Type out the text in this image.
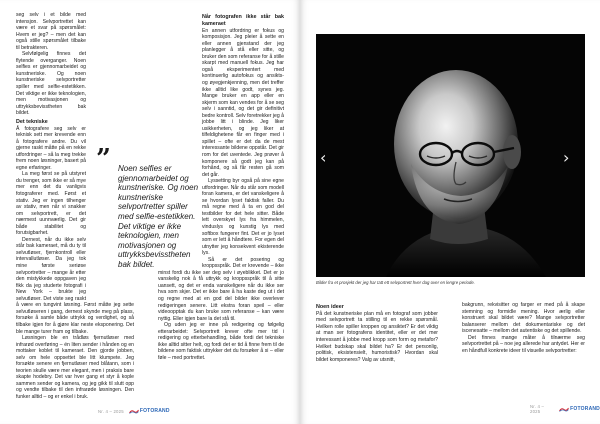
seg selv i et bilde med intensjon. Selvportrettet kan være et svar på spørsmålet: Hvem er jeg? – men det kan også stille spørsmålet tilbake til betrakteren.

Selvfølgelig finnes det flytende overganger. Noen selfies er gjennomarbeidet og kunstneriske. Og noen kunstneriske selvportretter spiller med selfie-estetikken. Det viktige er ikke teknologien, men motivasjonen og uttrykksbevisstheten bak bildet.

Det tekniske

Å fotografere seg selv er teknisk sett mer krevende enn å fotografere andre. Du vil gjerne raskt måtte på en rekke utfordringer – så la meg trekke frem noen løsninger, basert på egne erfaringer.

La meg først se på utstyret du trenger, som ikke er så mye mer enn det du vanligvis fotograferer med. Først et stativ. Jeg er ingen tilhenger av stativ, men når vi snakker om selvportrett, er det nærmest uunnværlig. Det gir både stabilitet og forutsigbarhet.

Dernest, når du ikke selv står bak kameraet, må du ty til selvutløser, fjernkontroll eller intervallutløser. Da jeg tok mine første seriøse selvportretter – mange år etter den mistykkede oppgaven jeg fikk da jeg studerte fotografi i New York – brukte jeg selvutløser. Det viste seg raskt å være en tungvint løsning. Først måtte jeg sette selvutløseren i gang, dernest skynde meg på plass, forsøke å samle både uttrykk og verdighet, og så tilbake igjen for å gjøre klar neste eksponering. Det ble mange turer fram og tilbake.

Løsningen ble en trådløs fjernutløser med infrarød overføring – én liten sender i hånden og en mottaker koblet til kameraet. Den gjorde jobben, selv om hele oppsettet ble litt klumpete. Jeg forsøkte senere en fjernutløser med blåtann, som i teorien skulle være mer elegant, men i praksis bare skapte hodebry. Det var hver gang et styr å kople sammen sender og kamera, og jeg gikk til slutt opp og vendte tilbake til den infrarøde løsningen. Den funker alltid – og er enkel i bruk.

Når fotografen ikke står bak kameraet

En annen utfordring er fokus og komposisjon. Jeg pleier å sette en eller annen gjenstand der jeg planlegger å stå eller sitte, og bruker den som referanse for å stille skarpt med manuell fokus. Jeg har også eksperimentert med kontinuerlig autofokus og ansikts- og øyegjenkjenning, men det treffer ikke alltid like godt, synes jeg. Mange bruker en app eller en skjerm som kan vendes for å se seg selv i sanntid, og det gir definitivt bedre kontroll. Selv foretrekker jeg å jobbe litt i blinde. Jeg liker usikkerheten, og jeg liker at tilfeldighetene får en finger med i spillet – ofte er det da de mest interessante bildene oppstår. Det gir rom for det uventede. Jeg prøver å komponere så godt jeg kan på forhånd, og så får resten gå som det går.

Lyssetting byr også på sine egne utfordringer. Når du står som modell foran kamera, er det vanskeligere å se hvordan lyset faktisk faller. Du må regne med å ta en god del testbilder for det hele sitter. Både lett overskyet lys fra himmelen, vinduslys og kunstig lys med softbox fungerer fint. Det er jo lyset som er lett å håndtere. For egen del utnytter jeg konsekvent ekisterende lys.

Så er det posering og kroppsspråk. Det er krevende – ikke minst fordi du ikke ser deg selv i øyeblikket. Det er jo vanskelig nok å få uttrykk og kroppsspråk til å sitte uansett, og det er enda vanskeligere når du ikke ser hva som skjer. Det er ikke bare å ha kaste deg ut i det og regne med at en god del bilder ikke overlever redigeringen senere. Litt ekstra foran speil – eller videoopptak du kan bruke som referanse – kan være nyttig. Eller igjen bare la det stå til.

Og uden jeg er inne på redigering og følgelig etterarbeidet: Selvportrett krever ofte mer tid i redigering og etterbehandling, både fordi det tekniske ikke alltid sitter helt, og fordi det er tid å finne frem til de bildene som faktisk uttrykker det du forsøker å si – eller føle – med portrettet.

” Noen selfies er gjennomarbeidet og kunstneriske. Og noen kunstneriske selvportretter spiller med selfie-estetikken. Det viktige er ikke teknologien, men motivasjonen og uttrykksbevisstheten bak bildet.
Nr. 4 – 2025	FOTORAND
‹	›
Bilder fra et prosjekt der jeg har tatt ett selvportrett hver dag over en lengre periode.
Noen ideer

På det kunstneriske plan må en fotograf som jobber med selvportrett ta stilling til en rekke spørsmål. Hvilken rolle spiller kroppen og ansiktet? Er det viktig at man ser fotografens identitet, eller er det mer interessant å jobbe med kropp som form og metafor? Hvilket budskap skal bildet ha? Er det personlig, politisk, eksistensielt, humoristisk? Hvordan skal bildet komponeres? Valg av utsnitt,

bakgrunn, rekvisitter og farger er med på å skape stemning og formidle mening. Hvor ærlig eller konstruert skal bildet være? Mange selvportretter balanserer mellom det dokumentariske og det iscenesatte – mellom det autentiske og det spillende.

Det finnes mange måter å tilnærme seg selvportrettet på – noe jeg allerede har antydet. Her er en håndfull konkrete ideer til visuelle selvportretter:

Nr. 4 – 2025	FOTORAND
